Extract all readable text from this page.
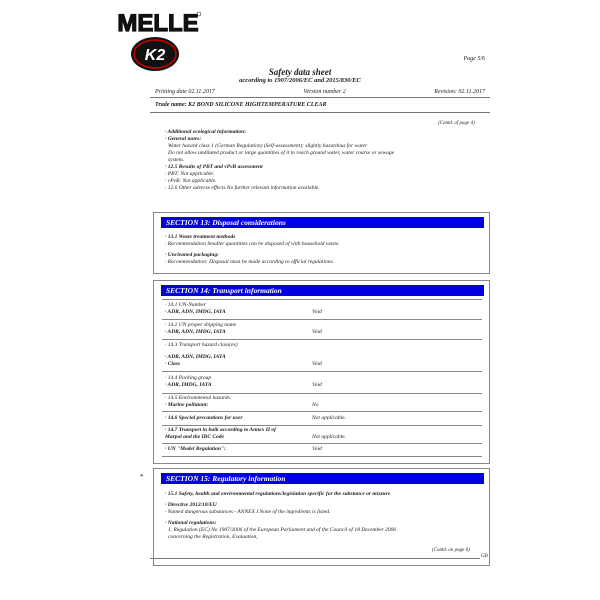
MELLE
K2	Page 5/6
Safety data sheet
according to 1907/2006/EC and 2015/830/EC
Printing date 02.11.2017	Version number 2	Revision: 02.11.2017
Trade name: K2 BOND SILICONE HIGHTEMPERATURE CLEAR
(Contd. of page 4)
· Additional ecological information:
· General notes:
Water hazard class 1 (German Regulation) (Self-assessment): slightly hazardous for water
Do not allow undiluted product or large quantities of it to reach ground water, water course or sewage
system.
· 12.5 Results of PBT and vPvB assessment
· PBT: Not applicable.
· vPvB: Not applicable.
· 12.6 Other adverse effects No further relevant information available.
SECTION 13: Disposal considerations
· 13.1 Waste treatment methods
· Recommendation Smaller quantities can be disposed of with household waste.
· Uncleaned packaging:
· Recommendation: Disposal must be made according to official regulations.
SECTION 14: Transport information
· 14.1 UN-Number
· ADR, ADN, IMDG, IATA	Void
· 14.2 UN proper shipping name
· ADR, ADN, IMDG, IATA	Void
· 14.3 Transport hazard class(es)
· ADR, ADN, IMDG, IATA
· Class	Void
· 14.4 Packing group
· ADR, IMDG, IATA	Void
· 14.5 Environmental hazards:
· Marine pollutant:	No
· 14.6 Special precautions for user	Not applicable.
· 14.7 Transport in bulk according to Annex II of
Marpol and the IBC Code	Not applicable.
· UN "Model Regulation":	Void
*	SECTION 15: Regulatory information
· 15.1 Safety, health and environmental regulations/legislation specific for the substance or mixture
· Directive 2012/18/EU
· Named dangerous substances - ANNEX I None of the ingredients is listed.
· National regulations:
1. Regulation (EC) No 1907/2006 of the European Parliament and of the Council of 18 December 2006
concerning the Registration, Evaluation,
(Contd. on page 6)
GB
